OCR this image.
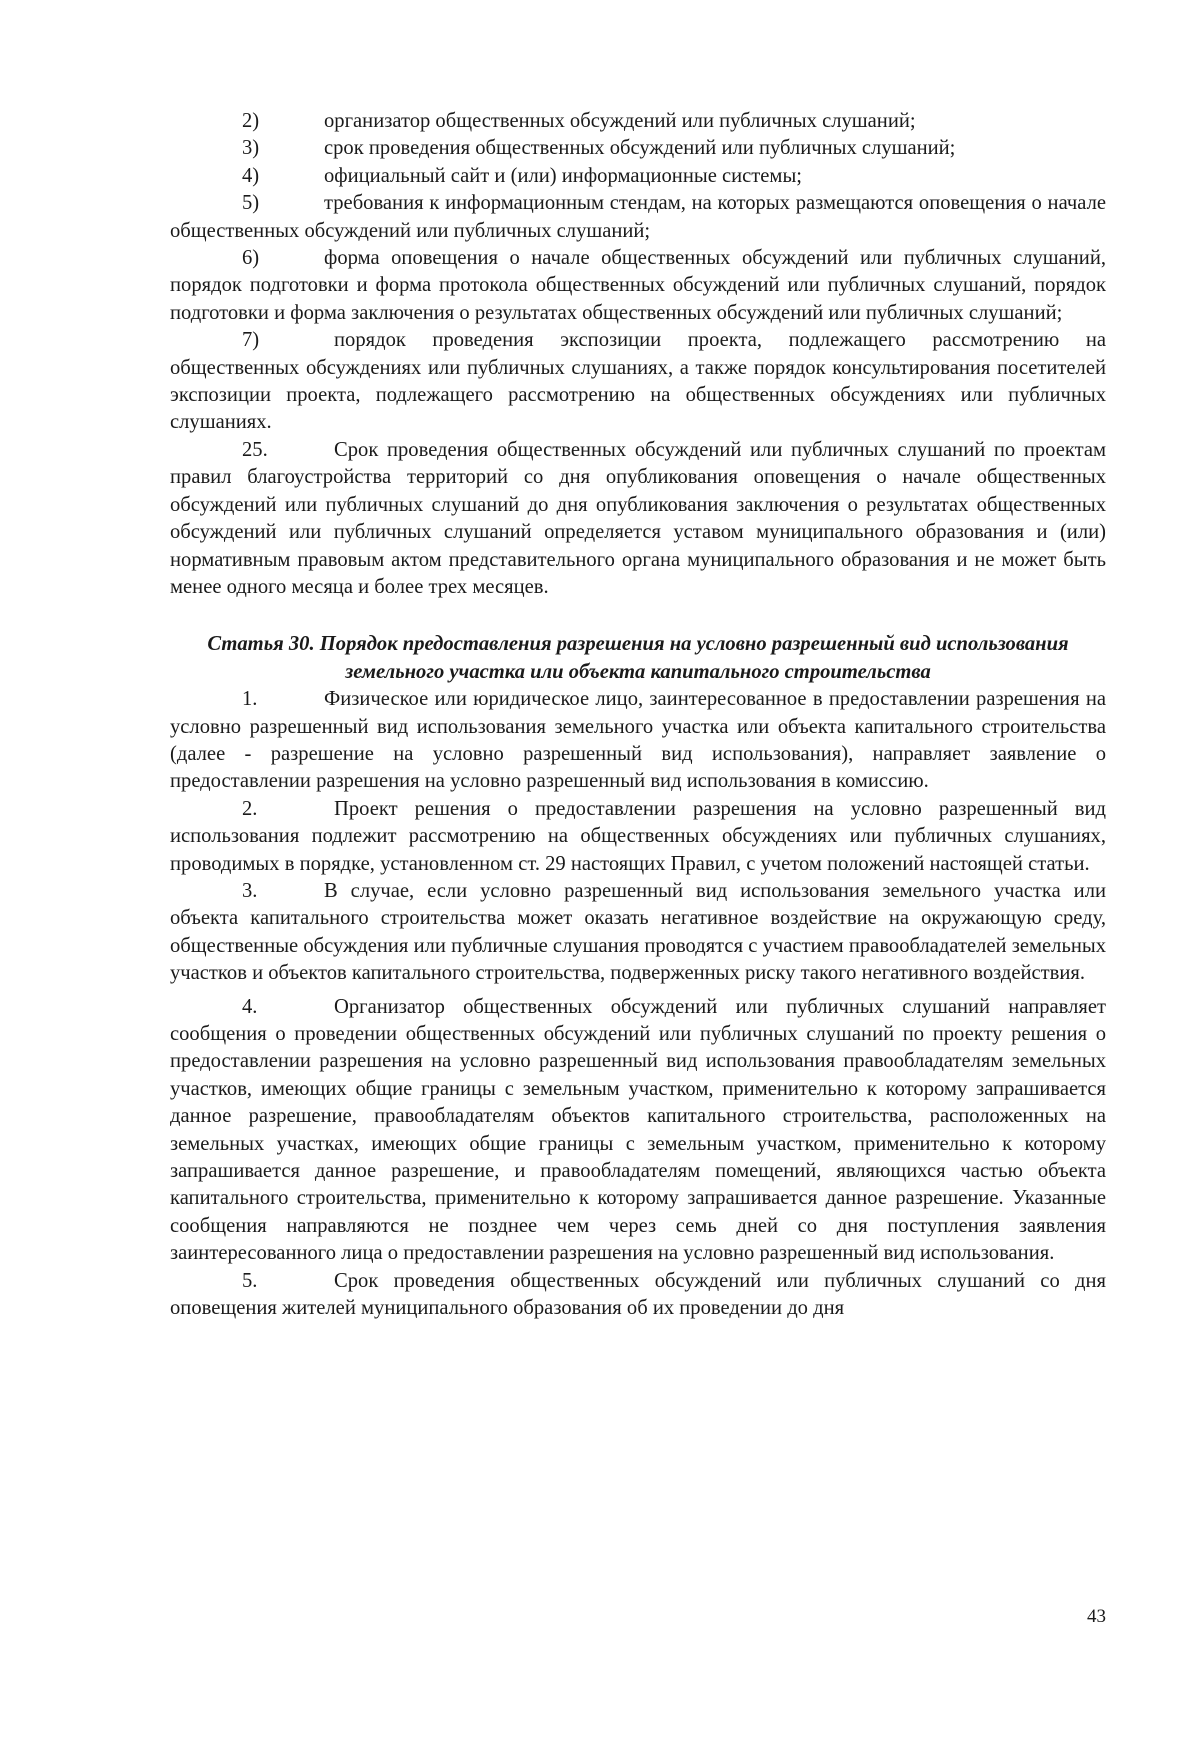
2)	организатор общественных обсуждений или публичных слушаний;

3)	срок проведения общественных обсуждений или публичных слушаний;

4)	официальный сайт и (или) информационные системы;

5)	требования к информационным стендам, на которых размещаются оповещения о начале общественных обсуждений или публичных слушаний;

6)	форма оповещения о начале общественных обсуждений или публичных слушаний, порядок подготовки и форма протокола общественных обсуждений или публичных слушаний, порядок подготовки и форма заключения о результатах общественных обсуждений или публичных слушаний;

7)	порядок проведения экспозиции проекта, подлежащего рассмотрению на общественных обсуждениях или публичных слушаниях, а также порядок консультирования посетителей экспозиции проекта, подлежащего рассмотрению на общественных обсуждениях или публичных слушаниях.

25.	Срок проведения общественных обсуждений или публичных слушаний по проектам правил благоустройства территорий со дня опубликования оповещения о начале общественных обсуждений или публичных слушаний до дня опубликования заключения о результатах общественных обсуждений или публичных слушаний определяется уставом муниципального образования и (или) нормативным правовым актом представительного органа муниципального образования и не может быть менее одного месяца и более трех месяцев.

Статья 30. Порядок предоставления разрешения на условно разрешенный вид использования земельного участка или объекта капитального строительства

1.	Физическое или юридическое лицо, заинтересованное в предоставлении разрешения на условно разрешенный вид использования земельного участка или объекта капитального строительства (далее - разрешение на условно разрешенный вид использования), направляет заявление о предоставлении разрешения на условно разрешенный вид использования в комиссию.

2.	Проект решения о предоставлении разрешения на условно разрешенный вид использования подлежит рассмотрению на общественных обсуждениях или публичных слушаниях, проводимых в порядке, установленном ст. 29 настоящих Правил, с учетом положений настоящей статьи.

3.	В случае, если условно разрешенный вид использования земельного участка или объекта капитального строительства может оказать негативное воздействие на окружающую среду, общественные обсуждения или публичные слушания проводятся с участием правообладателей земельных участков и объектов капитального строительства, подверженных риску такого негативного воздействия.

4.	Организатор общественных обсуждений или публичных слушаний направляет сообщения о проведении общественных обсуждений или публичных слушаний по проекту решения о предоставлении разрешения на условно разрешенный вид использования правообладателям земельных участков, имеющих общие границы с земельным участком, применительно к которому запрашивается данное разрешение, правообладателям объектов капитального строительства, расположенных на земельных участках, имеющих общие границы с земельным участком, применительно к которому запрашивается данное разрешение, и правообладателям помещений, являющихся частью объекта капитального строительства, применительно к которому запрашивается данное разрешение. Указанные сообщения направляются не позднее чем через семь дней со дня поступления заявления заинтересованного лица о предоставлении разрешения на условно разрешенный вид использования.

5.	Срок проведения общественных обсуждений или публичных слушаний со дня оповещения жителей муниципального образования об их проведении до дня

43
